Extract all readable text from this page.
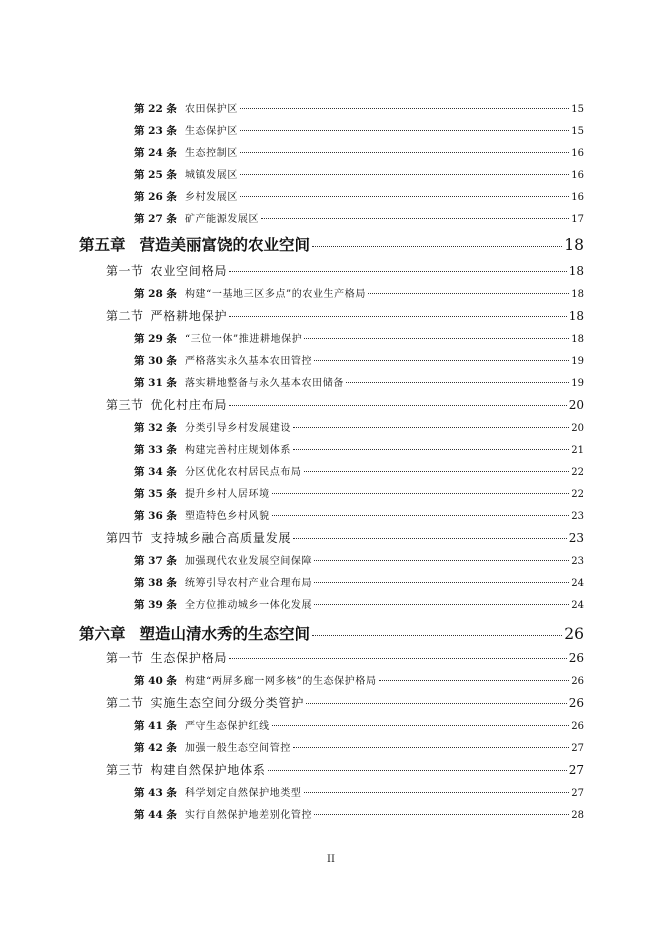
第 22 条 农田保护区	15
第 23 条 生态保护区	15
第 24 条 生态控制区	16
第 25 条 城镇发展区	16
第 26 条 乡村发展区	16
第 27 条 矿产能源发展区	17
第五章 营造美丽富饶的农业空间	18
第一节 农业空间格局	18
第 28 条 构建“一基地三区多点”的农业生产格局	18
第二节 严格耕地保护	18
第 29 条 “三位一体”推进耕地保护	18
第 30 条 严格落实永久基本农田管控	19
第 31 条 落实耕地整备与永久基本农田储备	19
第三节 优化村庄布局	20
第 32 条 分类引导乡村发展建设	20
第 33 条 构建完善村庄规划体系	21
第 34 条 分区优化农村居民点布局	22
第 35 条 提升乡村人居环境	22
第 36 条 塑造特色乡村风貌	23
第四节 支持城乡融合高质量发展	23
第 37 条 加强现代农业发展空间保障	23
第 38 条 统筹引导农村产业合理布局	24
第 39 条 全方位推动城乡一体化发展	24
第六章 塑造山清水秀的生态空间	26
第一节 生态保护格局	26
第 40 条 构建“两屏多廊一网多核”的生态保护格局	26
第二节 实施生态空间分级分类管护	26
第 41 条 严守生态保护红线	26
第 42 条 加强一般生态空间管控	27
第三节 构建自然保护地体系	27
第 43 条 科学划定自然保护地类型	27
第 44 条 实行自然保护地差别化管控	28
II
